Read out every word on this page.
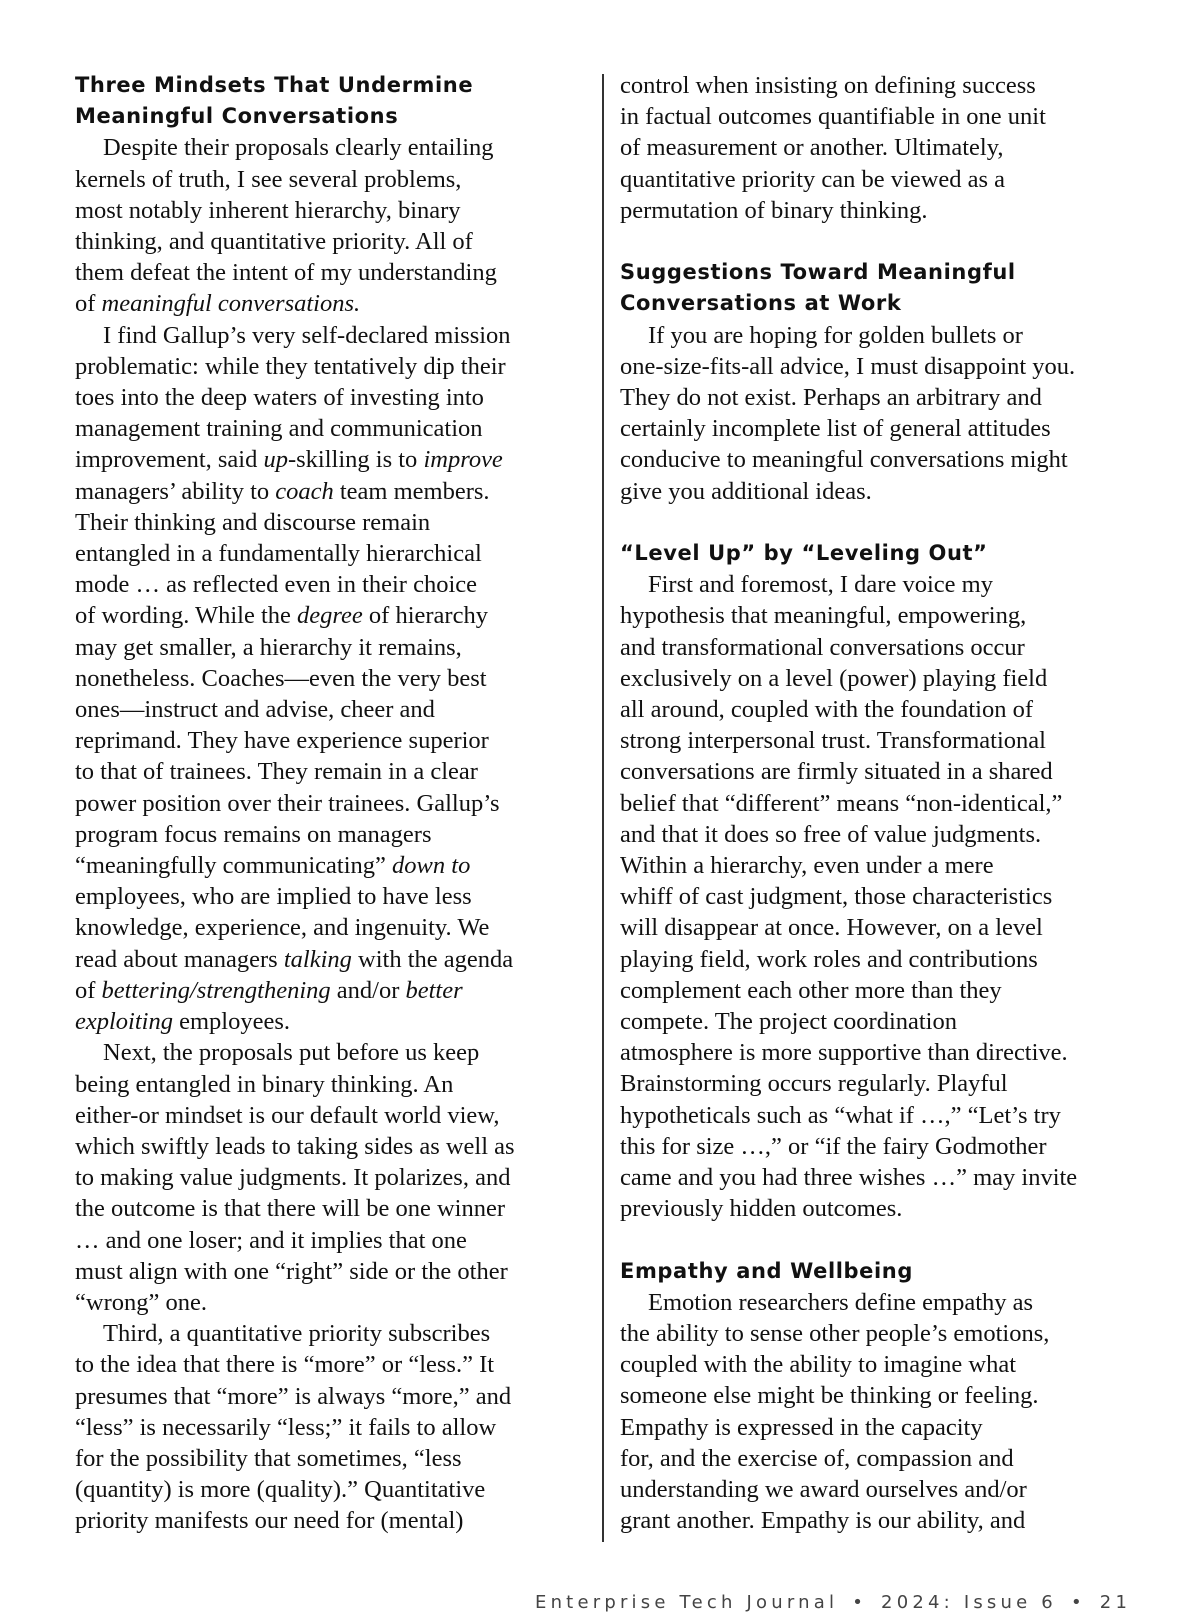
Three Mindsets That Undermine
Meaningful Conversations
Despite their proposals clearly entailing
kernels of truth, I see several problems,
most notably inherent hierarchy, binary
thinking, and quantitative priority. All of
them defeat the intent of my understanding
of meaningful conversations.
I find Gallup’s very self-declared mission
problematic: while they tentatively dip their
toes into the deep waters of investing into
management training and communication
improvement, said up-skilling is to improve
managers’ ability to coach team members.
Their thinking and discourse remain
entangled in a fundamentally hierarchical
mode … as reflected even in their choice
of wording. While the degree of hierarchy
may get smaller, a hierarchy it remains,
nonetheless. Coaches—even the very best
ones—instruct and advise, cheer and
reprimand. They have experience superior
to that of trainees. They remain in a clear
power position over their trainees. Gallup’s
program focus remains on managers
“meaningfully communicating” down to
employees, who are implied to have less
knowledge, experience, and ingenuity. We
read about managers talking with the agenda
of bettering/strengthening and/or better
exploiting employees.
Next, the proposals put before us keep
being entangled in binary thinking. An
either-or mindset is our default world view,
which swiftly leads to taking sides as well as
to making value judgments. It polarizes, and
the outcome is that there will be one winner
… and one loser; and it implies that one
must align with one “right” side or the other
“wrong” one.
Third, a quantitative priority subscribes
to the idea that there is “more” or “less.” It
presumes that “more” is always “more,” and
“less” is necessarily “less;” it fails to allow
for the possibility that sometimes, “less
(quantity) is more (quality).” Quantitative
priority manifests our need for (mental)
control when insisting on defining success
in factual outcomes quantifiable in one unit
of measurement or another. Ultimately,
quantitative priority can be viewed as a
permutation of binary thinking.
Suggestions Toward Meaningful
Conversations at Work
If you are hoping for golden bullets or
one-size-fits-all advice, I must disappoint you.
They do not exist. Perhaps an arbitrary and
certainly incomplete list of general attitudes
conducive to meaningful conversations might
give you additional ideas.
“Level Up” by “Leveling Out”
First and foremost, I dare voice my
hypothesis that meaningful, empowering,
and transformational conversations occur
exclusively on a level (power) playing field
all around, coupled with the foundation of
strong interpersonal trust. Transformational
conversations are firmly situated in a shared
belief that “different” means “non-identical,”
and that it does so free of value judgments.
Within a hierarchy, even under a mere
whiff of cast judgment, those characteristics
will disappear at once. However, on a level
playing field, work roles and contributions
complement each other more than they
compete. The project coordination
atmosphere is more supportive than directive.
Brainstorming occurs regularly. Playful
hypotheticals such as “what if …,” “Let’s try
this for size …,” or “if the fairy Godmother
came and you had three wishes …” may invite
previously hidden outcomes.
Empathy and Wellbeing
Emotion researchers define empathy as
the ability to sense other people’s emotions,
coupled with the ability to imagine what
someone else might be thinking or feeling.
Empathy is expressed in the capacity
for, and the exercise of, compassion and
understanding we award ourselves and/or
grant another. Empathy is our ability, and
Enterprise Tech Journal • 2024: Issue 6 • 21
